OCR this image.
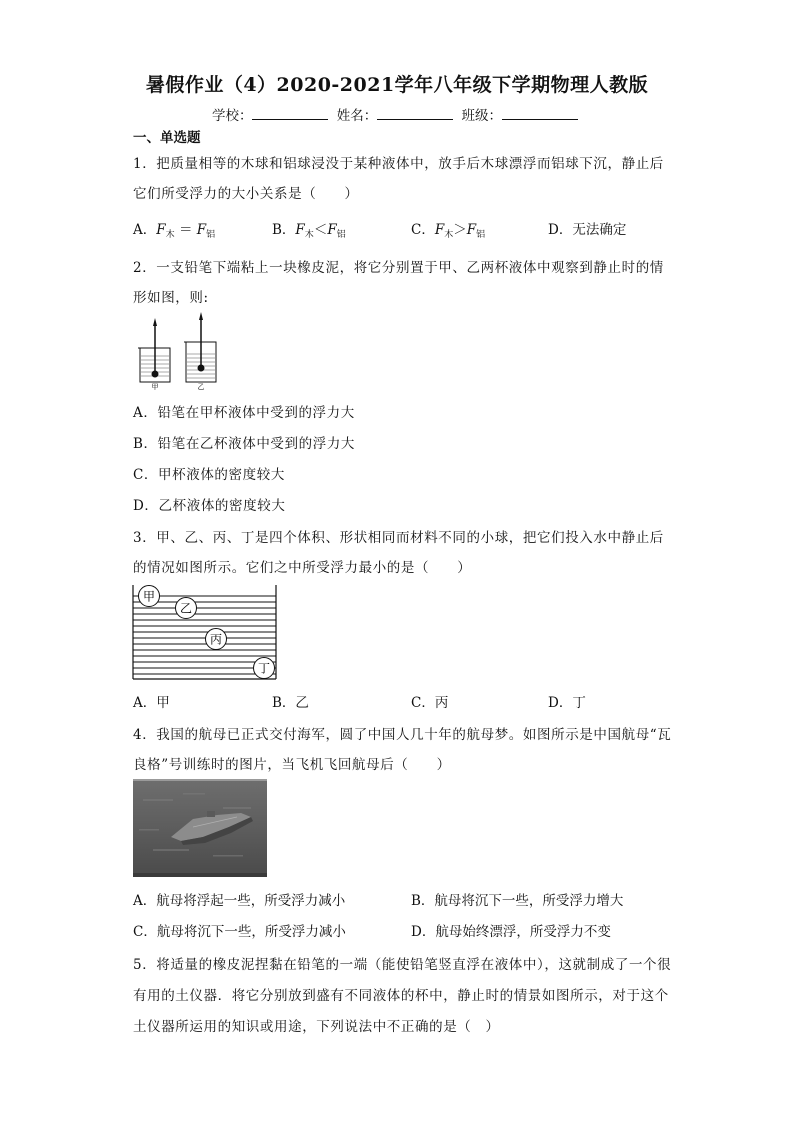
暑假作业（4）2020-2021学年八年级下学期物理人教版
学校：	姓名：	班级：
一、单选题
1．把质量相等的木球和铝球浸没于某种液体中，放手后木球漂浮而铝球下沉，静止后
它们所受浮力的大小关系是（　　）
A．$F_木 = F_铝$	B．$F_木<F_铝$	C．$F_木>F_铝$	D．无法确定
2．一支铅笔下端粘上一块橡皮泥，将它分别置于甲、乙两杯液体中观察到静止时的情
形如图，则:
甲	乙
A．铅笔在甲杯液体中受到的浮力大
B．铅笔在乙杯液体中受到的浮力大
C．甲杯液体的密度较大
D．乙杯液体的密度较大
3．甲、乙、丙、丁是四个体积、形状相同而材料不同的小球，把它们投入水中静止后
的情况如图所示。它们之中所受浮力最小的是（　　）
甲
乙
丙
丁
A．甲	B．乙	C．丙	D．丁
4．我国的航母已正式交付海军，圆了中国人几十年的航母梦。如图所示是中国航母“瓦
良格”号训练时的图片，当飞机飞回航母后（　　）
A．航母将浮起一些，所受浮力减小	B．航母将沉下一些，所受浮力增大
C．航母将沉下一些，所受浮力减小	D．航母始终漂浮，所受浮力不变
5．将适量的橡皮泥捏黏在铅笔的一端（能使铅笔竖直浮在液体中），这就制成了一个很
有用的土仪器．将它分别放到盛有不同液体的杯中，静止时的情景如图所示，对于这个
土仪器所运用的知识或用途，下列说法中不正确的是（　）
